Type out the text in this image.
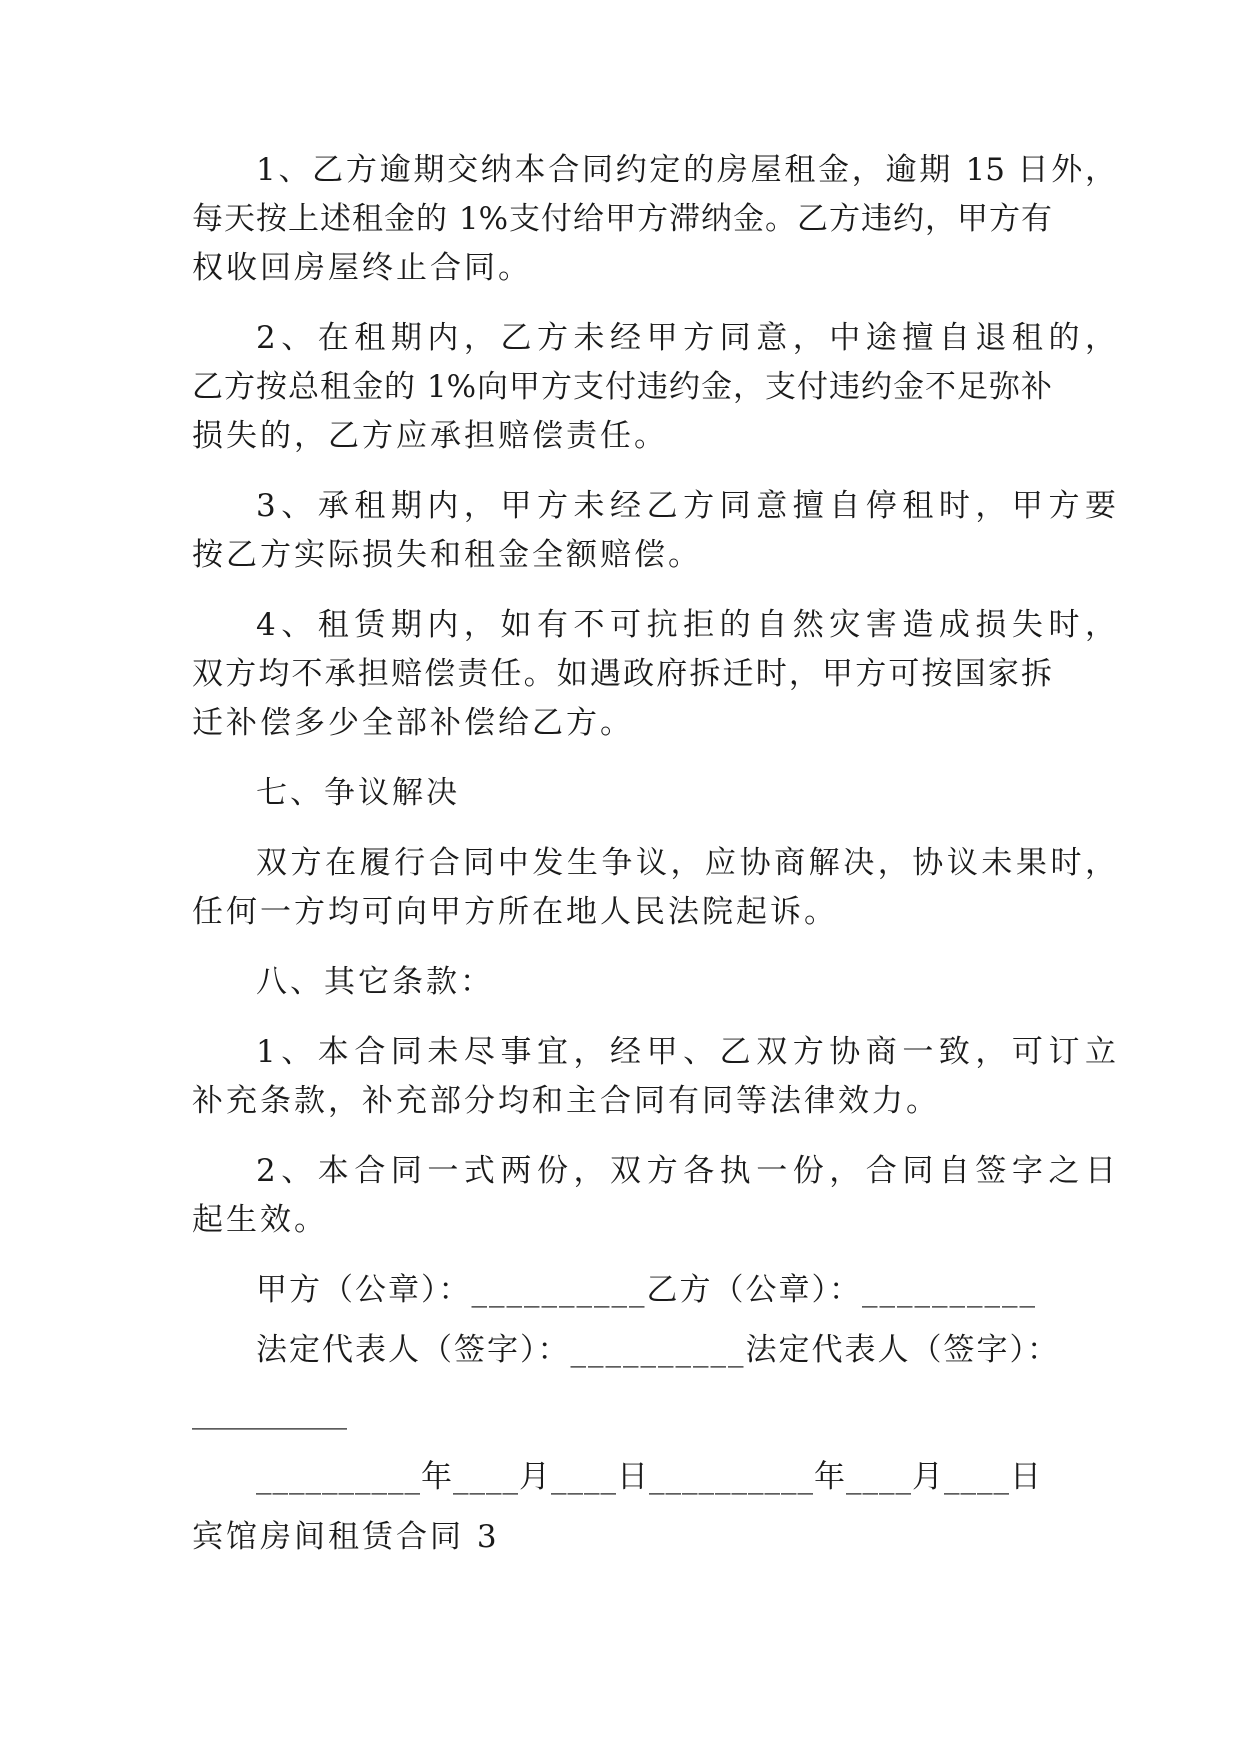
1、乙方逾期交纳本合同约定的房屋租金，逾期 15 日外，
每天按上述租金的 1%支付给甲方滞纳金。乙方违约，甲方有
权收回房屋终止合同。
2、在租期内，乙方未经甲方同意，中途擅自退租的，
乙方按总租金的 1%向甲方支付违约金，支付违约金不足弥补
损失的，乙方应承担赔偿责任。
3、承租期内，甲方未经乙方同意擅自停租时，甲方要
按乙方实际损失和租金全额赔偿。
4、租赁期内，如有不可抗拒的自然灾害造成损失时，
双方均不承担赔偿责任。如遇政府拆迁时，甲方可按国家拆
迁补偿多少全部补偿给乙方。
七、争议解决
双方在履行合同中发生争议，应协商解决，协议未果时，
任何一方均可向甲方所在地人民法院起诉。
八、其它条款：
1、本合同未尽事宜，经甲、乙双方协商一致，可订立
补充条款，补充部分均和主合同有同等法律效力。
2、本合同一式两份，双方各执一份，合同自签字之日
起生效。
甲方（公章）：__________乙方（公章）：__________
法定代表人（签字）：__________法定代表人（签字）：
__________
__________年____月____日__________年____月____日
宾馆房间租赁合同 3
